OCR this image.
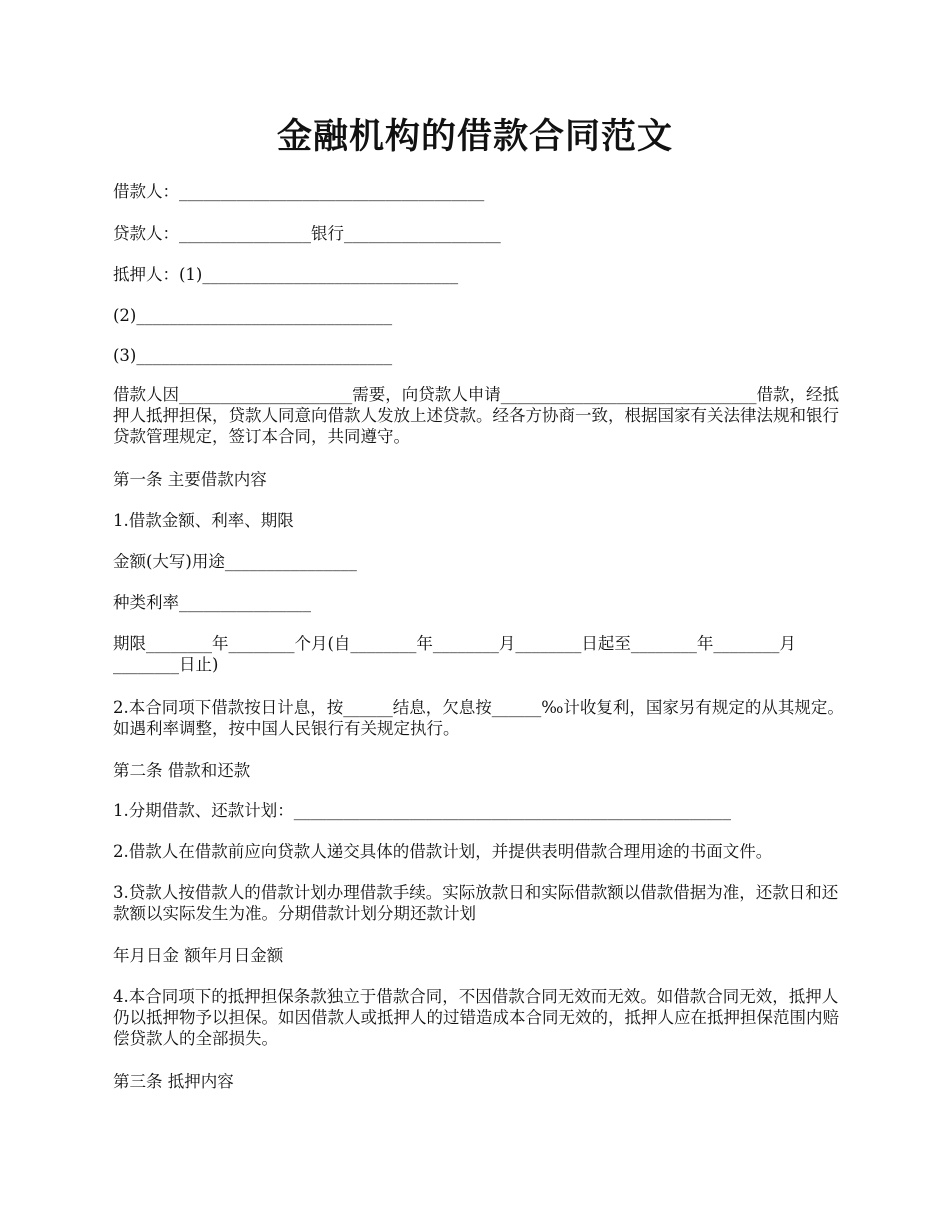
金融机构的借款合同范文

借款人：_____________________________________

贷款人：________________银行___________________

抵押人：(1)_______________________________

(2)_______________________________

(3)_______________________________

借款人因_____________________需要，向贷款人申请_______________________________借款，经抵押人抵押担保，贷款人同意向借款人发放上述贷款。经各方协商一致，根据国家有关法律法规和银行贷款管理规定，签订本合同，共同遵守。

第一条 主要借款内容

1.借款金额、利率、期限

金额(大写)用途________________

种类利率________________

期限________年________个月(自________年________月________日起至________年________月________日止)

2.本合同项下借款按日计息，按______结息，欠息按______‰计收复利，国家另有规定的从其规定。如遇利率调整，按中国人民银行有关规定执行。

第二条 借款和还款

1.分期借款、还款计划：_____________________________________________________

2.借款人在借款前应向贷款人递交具体的借款计划，并提供表明借款合理用途的书面文件。

3.贷款人按借款人的借款计划办理借款手续。实际放款日和实际借款额以借款借据为准，还款日和还款额以实际发生为准。分期借款计划分期还款计划

年月日金 额年月日金额

4.本合同项下的抵押担保条款独立于借款合同，不因借款合同无效而无效。如借款合同无效，抵押人仍以抵押物予以担保。如因借款人或抵押人的过错造成本合同无效的，抵押人应在抵押担保范围内赔偿贷款人的全部损失。

第三条 抵押内容
